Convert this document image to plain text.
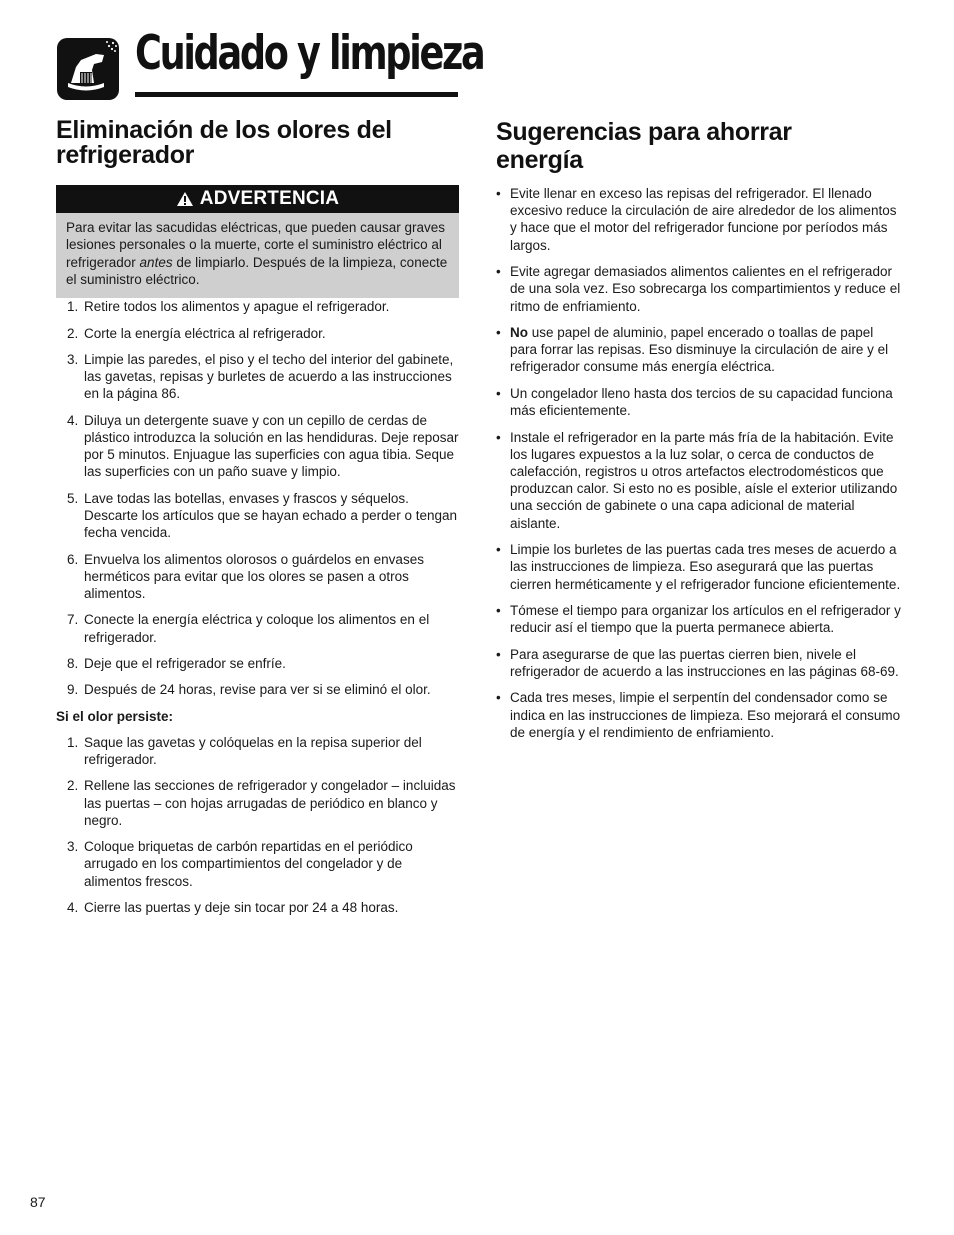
Cuidado y limpieza
Eliminación de los olores del refrigerador
ADVERTENCIA
Para evitar las sacudidas eléctricas, que pueden causar graves lesiones personales o la muerte, corte el suministro eléctrico al refrigerador antes de limpiarlo. Después de la limpieza, conecte el suministro eléctrico.
1. Retire todos los alimentos y apague el refrigerador.
2. Corte la energía eléctrica al refrigerador.
3. Limpie las paredes, el piso y el techo del interior del gabinete, las gavetas, repisas y burletes de acuerdo a las instrucciones en la página 86.
4. Diluya un detergente suave y con un cepillo de cerdas de plástico introduzca la solución en las hendiduras. Deje reposar por 5 minutos. Enjuague las superficies con agua tibia. Seque las superficies con un paño suave y limpio.
5. Lave todas las botellas, envases y frascos y séquelos. Descarte los artículos que se hayan echado a perder o tengan fecha vencida.
6. Envuelva los alimentos olorosos o guárdelos en envases herméticos para evitar que los olores se pasen a otros alimentos.
7. Conecte la energía eléctrica y coloque los alimentos en el refrigerador.
8. Deje que el refrigerador se enfríe.
9. Después de 24 horas, revise para ver si se eliminó el olor.
Si el olor persiste:
1. Saque las gavetas y colóquelas en la repisa superior del refrigerador.
2. Rellene las secciones de refrigerador y congelador – incluidas las puertas – con hojas arrugadas de periódico en blanco y negro.
3. Coloque briquetas de carbón repartidas en el periódico arrugado en los compartimientos del congelador y de alimentos frescos.
4. Cierre las puertas y deje sin tocar por 24 a 48 horas.
Sugerencias para ahorrar energía
• Evite llenar en exceso las repisas del refrigerador. El llenado excesivo reduce la circulación de aire alrededor de los alimentos y hace que el motor del refrigerador funcione por períodos más largos.
• Evite agregar demasiados alimentos calientes en el refrigerador de una sola vez. Eso sobrecarga los compartimientos y reduce el ritmo de enfriamiento.
• No use papel de aluminio, papel encerado o toallas de papel para forrar las repisas. Eso disminuye la circulación de aire y el refrigerador consume más energía eléctrica.
• Un congelador lleno hasta dos tercios de su capacidad funciona más eficientemente.
• Instale el refrigerador en la parte más fría de la habitación. Evite los lugares expuestos a la luz solar, o cerca de conductos de calefacción, registros u otros artefactos electrodomésticos que produzcan calor. Si esto no es posible, aísle el exterior utilizando una sección de gabinete o una capa adicional de material aislante.
• Limpie los burletes de las puertas cada tres meses de acuerdo a las instrucciones de limpieza. Eso asegurará que las puertas cierren herméticamente y el refrigerador funcione eficientemente.
• Tómese el tiempo para organizar los artículos en el refrigerador y reducir así el tiempo que la puerta permanece abierta.
• Para asegurarse de que las puertas cierren bien, nivele el refrigerador de acuerdo a las instrucciones en las páginas 68-69.
• Cada tres meses, limpie el serpentín del condensador como se indica en las instrucciones de limpieza. Eso mejorará el consumo de energía y el rendimiento de enfriamiento.
87
